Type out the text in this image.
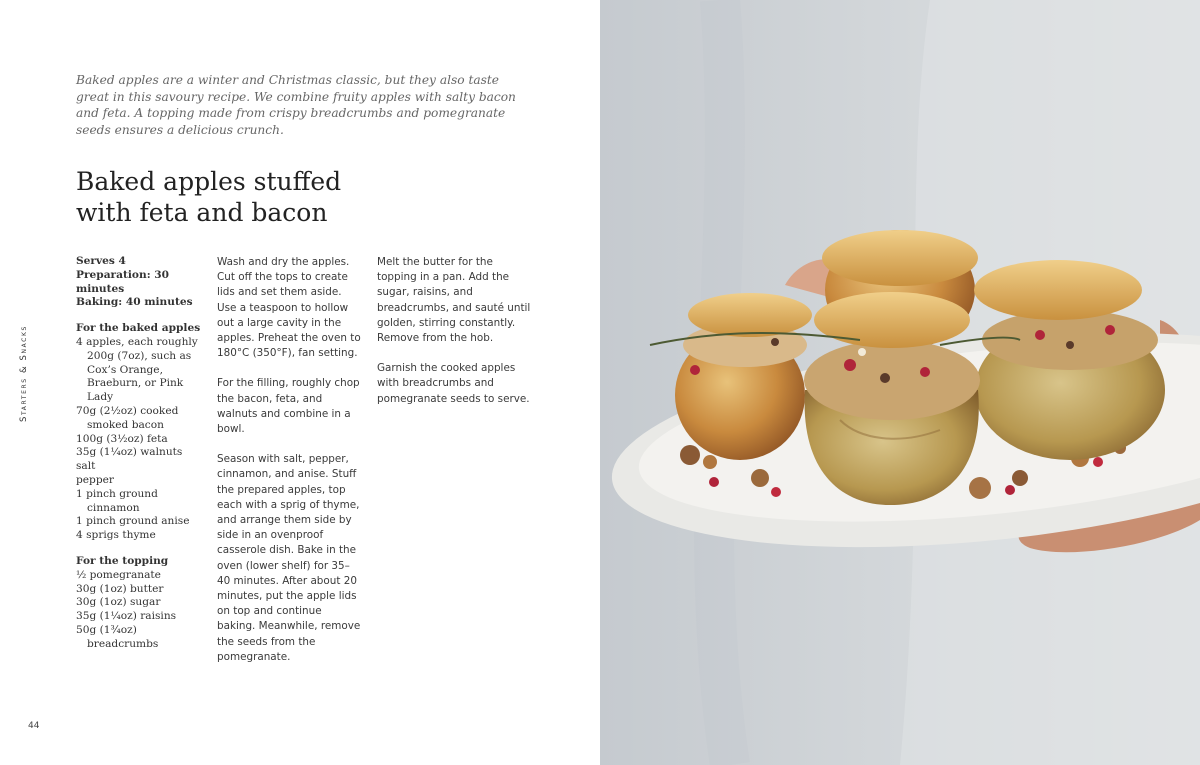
Starters & Snacks
Baked apples are a winter and Christmas classic, but they also taste great in this savoury recipe. We combine fruity apples with salty bacon and feta. A topping made from crispy breadcrumbs and pomegranate seeds ensures a delicious crunch.
Baked apples stuffed
with feta and bacon
Serves 4
Preparation: 30 minutes
Baking: 40 minutes
For the baked apples
4 apples, each roughly 200g (7oz), such as Cox’s Orange, Braeburn, or Pink Lady
70g (2½oz) cooked smoked bacon
100g (3½oz) feta
35g (1¼oz) walnuts
salt
pepper
1 pinch ground cinnamon
1 pinch ground anise
4 sprigs thyme
For the topping
½ pomegranate
30g (1oz) butter
30g (1oz) sugar
35g (1¼oz) raisins
50g (1¾oz) breadcrumbs

Wash and dry the apples. Cut off the tops to create lids and set them aside. Use a teaspoon to hollow out a large cavity in the apples. Preheat the oven to 180°C (350°F), fan setting.

For the filling, roughly chop the bacon, feta, and walnuts and combine in a bowl.

Season with salt, pepper, cinnamon, and anise. Stuff the prepared apples, top each with a sprig of thyme, and arrange them side by side in an ovenproof casserole dish. Bake in the oven (lower shelf) for 35–40 minutes. After about 20 minutes, put the apple lids on top and continue baking. Meanwhile, remove the seeds from the pomegranate.

Melt the butter for the topping in a pan. Add the sugar, raisins, and breadcrumbs, and sauté until golden, stirring constantly. Remove from the hob.

Garnish the cooked apples with breadcrumbs and pomegranate seeds to serve.

44
